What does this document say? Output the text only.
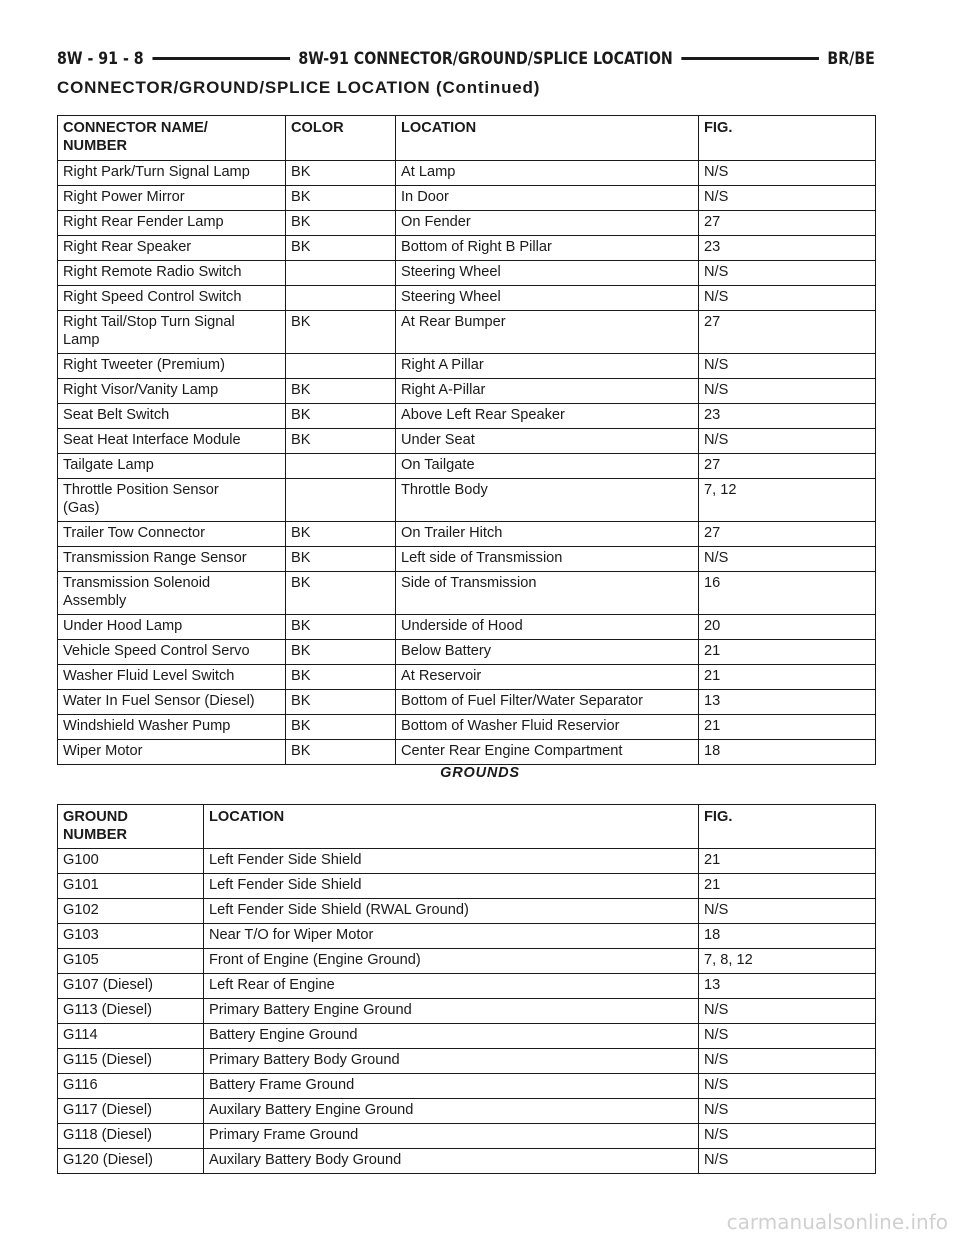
8W - 91 - 8	8W-91 CONNECTOR/GROUND/SPLICE LOCATION	BR/BE
CONNECTOR/GROUND/SPLICE LOCATION (Continued)
CONNECTOR NAME/
NUMBER	COLOR	LOCATION	FIG.
Right Park/Turn Signal Lamp	BK	At Lamp	N/S
Right Power Mirror	BK	In Door	N/S
Right Rear Fender Lamp	BK	On Fender	27
Right Rear Speaker	BK	Bottom of Right B Pillar	23
Right Remote Radio Switch		Steering Wheel	N/S
Right Speed Control Switch		Steering Wheel	N/S
Right Tail/Stop Turn Signal
Lamp	BK	At Rear Bumper	27
Right Tweeter (Premium)		Right A Pillar	N/S
Right Visor/Vanity Lamp	BK	Right A-Pillar	N/S
Seat Belt Switch	BK	Above Left Rear Speaker	23
Seat Heat Interface Module	BK	Under Seat	N/S
Tailgate Lamp		On Tailgate	27
Throttle Position Sensor
(Gas)		Throttle Body	7, 12
Trailer Tow Connector	BK	On Trailer Hitch	27
Transmission Range Sensor	BK	Left side of Transmission	N/S
Transmission Solenoid
Assembly	BK	Side of Transmission	16
Under Hood Lamp	BK	Underside of Hood	20
Vehicle Speed Control Servo	BK	Below Battery	21
Washer Fluid Level Switch	BK	At Reservoir	21
Water In Fuel Sensor (Diesel)	BK	Bottom of Fuel Filter/Water Separator	13
Windshield Washer Pump	BK	Bottom of Washer Fluid Reservior	21
Wiper Motor	BK	Center Rear Engine Compartment	18
GROUNDS
GROUND
NUMBER	LOCATION	FIG.
G100	Left Fender Side Shield	21
G101	Left Fender Side Shield	21
G102	Left Fender Side Shield (RWAL Ground)	N/S
G103	Near T/O for Wiper Motor	18
G105	Front of Engine (Engine Ground)	7, 8, 12
G107 (Diesel)	Left Rear of Engine	13
G113 (Diesel)	Primary Battery Engine Ground	N/S
G114	Battery Engine Ground	N/S
G115 (Diesel)	Primary Battery Body Ground	N/S
G116	Battery Frame Ground	N/S
G117 (Diesel)	Auxilary Battery Engine Ground	N/S
G118 (Diesel)	Primary Frame Ground	N/S
G120 (Diesel)	Auxilary Battery Body Ground	N/S
carmanualsonline.info
